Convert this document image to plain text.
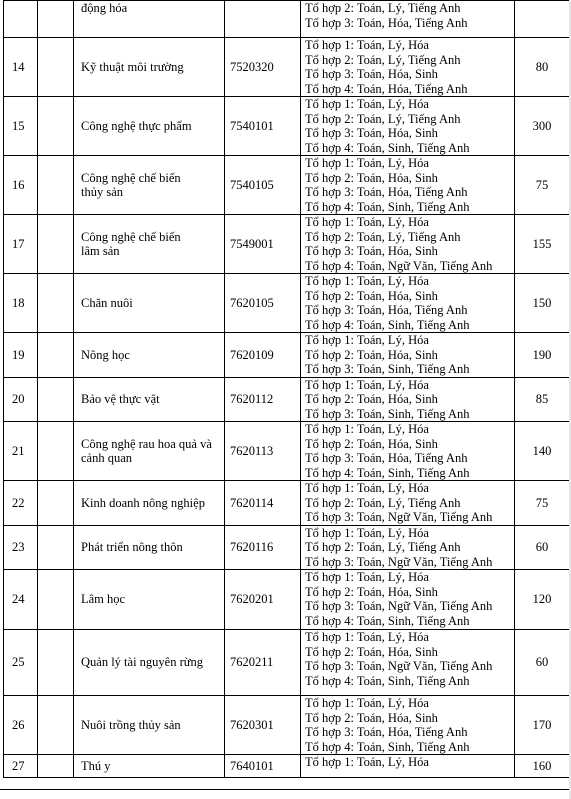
		động hóa		Tổ hợp 2: Toán, Lý, Tiếng Anh
Tổ hợp 3: Toán, Hóa, Tiếng Anh	

14		Kỹ thuật môi trường	7520320	Tổ hợp 1: Toán, Lý, Hóa
Tổ hợp 2: Toán, Lý, Tiếng Anh
Tổ hợp 3: Toán, Hóa, Sinh
Tổ hợp 4: Toán, Hóa, Tiếng Anh	80
15		Công nghệ thực phẩm	7540101	Tổ hợp 1: Toán, Lý, Hóa
Tổ hợp 2: Toán, Lý, Tiếng Anh
Tổ hợp 3: Toán, Hóa, Sinh
Tổ hợp 4: Toán, Sinh, Tiếng Anh	300
16		Công nghệ chế biến
thủy sản	7540105	Tổ hợp 1: Toán, Lý, Hóa
Tổ hợp 2: Toán, Hóa, Sinh
Tổ hợp 3: Toán, Hóa, Tiếng Anh
Tổ hợp 4: Toán, Sinh, Tiếng Anh	75
17		Công nghệ chế biến
lâm sản	7549001	Tổ hợp 1: Toán, Lý, Hóa
Tổ hợp 2: Toán, Lý, Tiếng Anh
Tổ hợp 3: Toán, Hóa, Sinh
Tổ hợp 4: Toán, Ngữ Văn, Tiếng Anh	155
18		Chăn nuôi	7620105	Tổ hợp 1: Toán, Lý, Hóa
Tổ hợp 2: Toán, Hóa, Sinh
Tổ hợp 3: Toán, Hóa, Tiếng Anh
Tổ hợp 4: Toán, Sinh, Tiếng Anh	150
19		Nông học	7620109	Tổ hợp 1: Toán, Lý, Hóa
Tổ hợp 2: Toán, Hóa, Sinh
Tổ hợp 3: Toán, Sinh, Tiếng Anh	190
20		Bảo vệ thực vật	7620112	Tổ hợp 1: Toán, Lý, Hóa
Tổ hợp 2: Toán, Hóa, Sinh
Tổ hợp 3: Toán, Sinh, Tiếng Anh	85
21		Công nghệ rau hoa quả và
cảnh quan	7620113	Tổ hợp 1: Toán, Lý, Hóa
Tổ hợp 2: Toán, Hóa, Sinh
Tổ hợp 3: Toán, Hóa, Tiếng Anh
Tổ hợp 4: Toán, Sinh, Tiếng Anh	140
22		Kinh doanh nông nghiệp	7620114	Tổ hợp 1: Toán, Lý, Hóa
Tổ hợp 2: Toán, Lý, Tiếng Anh
Tổ hợp 3: Toán, Ngữ Văn, Tiếng Anh	75
23		Phát triển nông thôn	7620116	Tổ hợp 1: Toán, Lý, Hóa
Tổ hợp 2: Toán, Lý, Tiếng Anh
Tổ hợp 3: Toán, Ngữ Văn, Tiếng Anh	60
24		Lâm học	7620201	Tổ hợp 1: Toán, Lý, Hóa
Tổ hợp 2: Toán, Hóa, Sinh
Tổ hợp 3: Toán, Ngữ Văn, Tiếng Anh
Tổ hợp 4: Toán, Sinh, Tiếng Anh	120
25		Quản lý tài nguyên rừng	7620211	Tổ hợp 1: Toán, Lý, Hóa
Tổ hợp 2: Toán, Hóa, Sinh
Tổ hợp 3: Toán, Ngữ Văn, Tiếng Anh
Tổ hợp 4: Toán, Sinh, Tiếng Anh	60
26		Nuôi trồng thủy sản	7620301	Tổ hợp 1: Toán, Lý, Hóa
Tổ hợp 2: Toán, Hóa, Sinh
Tổ hợp 3: Toán, Hóa, Tiếng Anh
Tổ hợp 4: Toán, Sinh, Tiếng Anh	170
27		Thú y	7640101	Tổ hợp 1: Toán, Lý, Hóa	160
